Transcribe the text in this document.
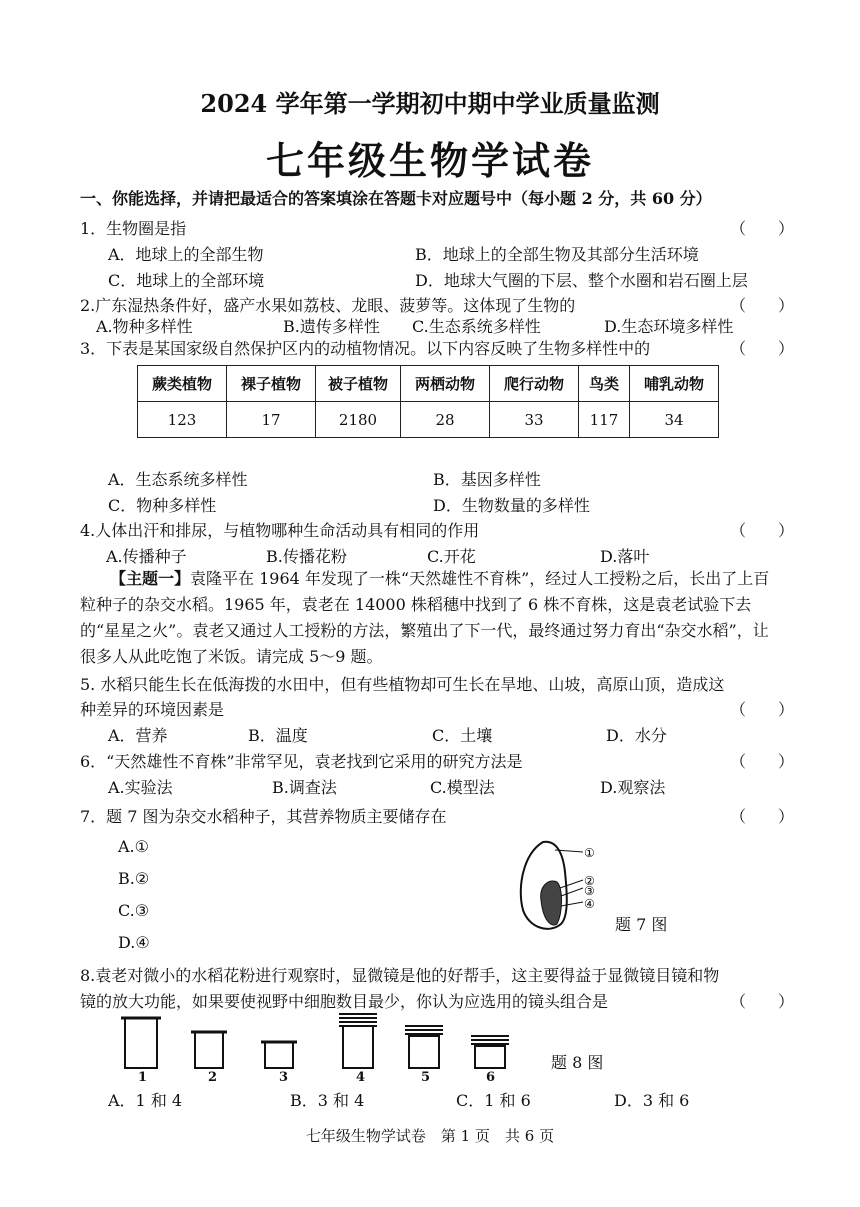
2024 学年第一学期初中期中学业质量监测
七年级生物学试卷
一、你能选择，并请把最适合的答案填涂在答题卡对应题号中（每小题 2 分，共 60 分）
1．生物圈是指	（　　）
A．地球上的全部生物	B．地球上的全部生物及其部分生活环境
C．地球上的全部环境	D．地球大气圈的下层、整个水圈和岩石圈上层
2.广东湿热条件好，盛产水果如荔枝、龙眼、菠萝等。这体现了生物的	（　　）
A.物种多样性	B.遗传多样性 C.生态系统多样性	D.生态环境多样性
3．下表是某国家级自然保护区内的动植物情况。以下内容反映了生物多样性中的	（　　）
蕨类植物	裸子植物	被子植物	两栖动物	爬行动物	鸟类	哺乳动物
123	17	2180	28	33	117	34
A．生态系统多样性	B．基因多样性
C．物种多样性	D．生物数量的多样性
4.人体出汗和排尿，与植物哪种生命活动具有相同的作用	（　　）
A.传播种子	B.传播花粉	C.开花	D.落叶
【主题一】袁隆平在 1964 年发现了一株“天然雄性不育株”，经过人工授粉之后，长出了上百粒种子的杂交水稻。1965 年，袁老在 14000 株稻穗中找到了 6 株不育株，这是袁老试验下去的“星星之火”。袁老又通过人工授粉的方法，繁殖出了下一代，最终通过努力育出“杂交水稻”，让很多人从此吃饱了米饭。请完成 5～9 题。
5. 水稻只能生长在低海拨的水田中，但有些植物却可生长在旱地、山坡，高原山顶，造成这
种差异的环境因素是	（　　）
A．营养	B．温度	C．土壤	D．水分
6．“天然雄性不育株”非常罕见，袁老找到它采用的研究方法是	（　　）
A.实验法	B.调查法	C.模型法	D.观察法
7．题 7 图为杂交水稻种子，其营养物质主要储存在	（　　）
A.①
B.②
C.③
D.④
①
②
③
④
题 7 图
8.袁老对微小的水稻花粉进行观察时，显微镜是他的好帮手，这主要得益于显微镜目镜和物
镜的放大功能，如果要使视野中细胞数目最少，你认为应选用的镜头组合是	（　　）
1	2	3	4	5	6
题 8 图
A．1 和 4	B．3 和 4	C．1 和 6	D．3 和 6
七年级生物学试卷　第 1 页　共 6 页
